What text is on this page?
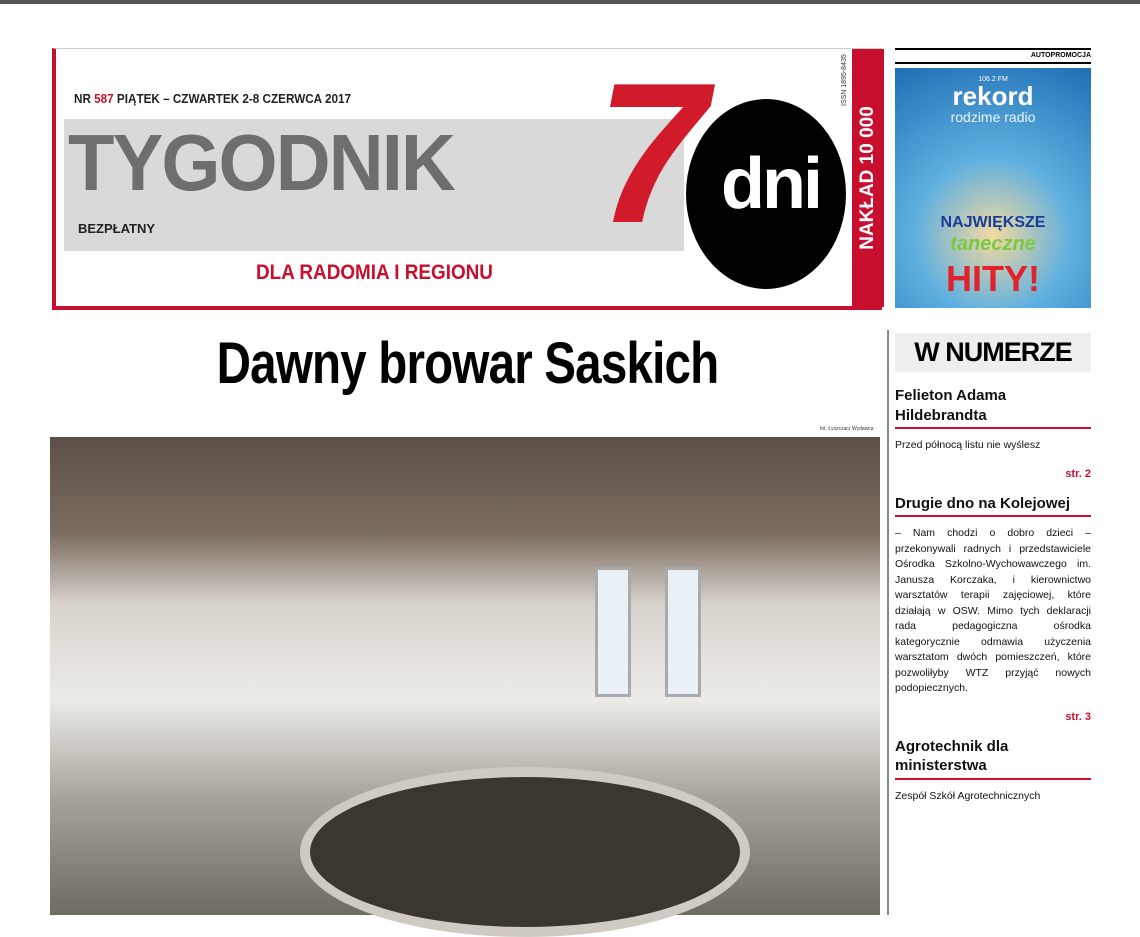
NR 587 PIĄTEK – CZWARTEK 2-8 CZERWCA 2017
TYGODNIK
BEZPŁATNY 7 dni
DLA RADOMIA I REGIONU
ISSN 1895-8435
NAKŁAD 10 000
AUTOPROMOCJA
106.2 FM
rekord
rodzime radio
NAJWIĘKSZE
taneczne
HITY!
Dawny browar Saskich
fot. Łyszczarz Wydawca
W NUMERZE
Felieton Adama Hildebrandta

Przed północą listu nie wyślesz

str. 2
Drugie dno na Kolejowej

– Nam chodzi o dobro dzieci – przekonywali radnych i przedstawiciele Ośrodka Szkolno-Wychowawczego im. Janusza Korczaka, i kierownictwo warsztatów terapii zajęciowej, które działają w OSW. Mimo tych deklaracji rada pedagogiczna ośrodka kategorycznie odmawia użyczenia warsztatom dwóch pomieszczeń, które pozwoliłyby WTZ przyjąć nowych podopiecznych.

str. 3
Agrotechnik dla ministerstwa

Zespół Szkół Agrotechnicznych
